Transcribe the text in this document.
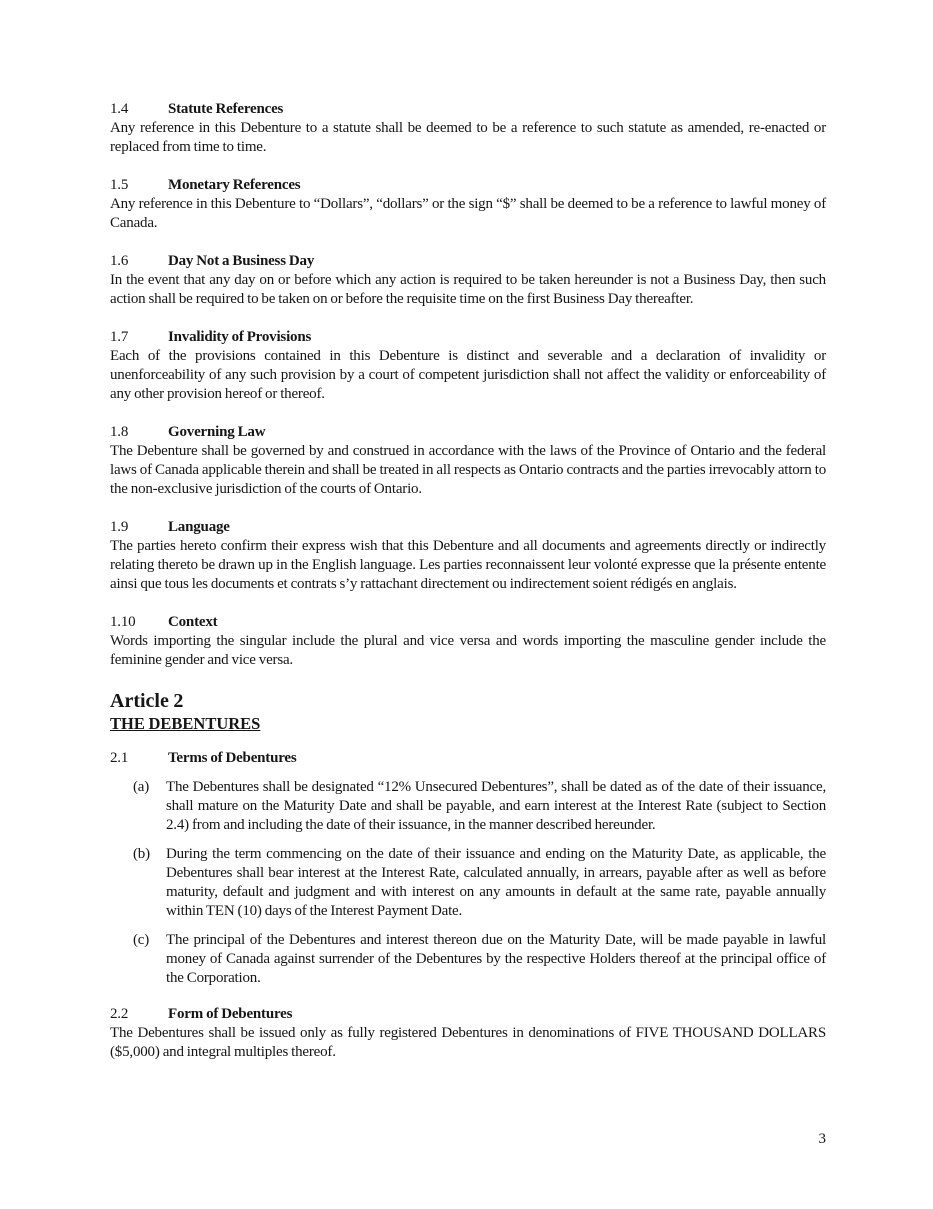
1.4	Statute References

Any reference in this Debenture to a statute shall be deemed to be a reference to such statute as amended, re-enacted or replaced from time to time.

1.5	Monetary References

Any reference in this Debenture to “Dollars”, “dollars” or the sign “$” shall be deemed to be a reference to lawful money of Canada.

1.6	Day Not a Business Day

In the event that any day on or before which any action is required to be taken hereunder is not a Business Day, then such action shall be required to be taken on or before the requisite time on the first Business Day thereafter.

1.7	Invalidity of Provisions

Each of the provisions contained in this Debenture is distinct and severable and a declaration of invalidity or unenforceability of any such provision by a court of competent jurisdiction shall not affect the validity or enforceability of any other provision hereof or thereof.

1.8	Governing Law

The Debenture shall be governed by and construed in accordance with the laws of the Province of Ontario and the federal laws of Canada applicable therein and shall be treated in all respects as Ontario contracts and the parties irrevocably attorn to the non-exclusive jurisdiction of the courts of Ontario.

1.9	Language

The parties hereto confirm their express wish that this Debenture and all documents and agreements directly or indirectly relating thereto be drawn up in the English language. Les parties reconnaissent leur volonté expresse que la présente entente ainsi que tous les documents et contrats s’y rattachant directement ou indirectement soient rédigés en anglais.

1.10	Context

Words importing the singular include the plural and vice versa and words importing the masculine gender include the feminine gender and vice versa.

Article 2
THE DEBENTURES
2.1	Terms of Debentures
(a)	The Debentures shall be designated “12% Unsecured Debentures”, shall be dated as of the date of their issuance, shall mature on the Maturity Date and shall be payable, and earn interest at the Interest Rate (subject to Section 2.4) from and including the date of their issuance, in the manner described hereunder.

(b)	During the term commencing on the date of their issuance and ending on the Maturity Date, as applicable, the Debentures shall bear interest at the Interest Rate, calculated annually, in arrears, payable after as well as before maturity, default and judgment and with interest on any amounts in default at the same rate, payable annually within TEN (10) days of the Interest Payment Date.

(c)	The principal of the Debentures and interest thereon due on the Maturity Date, will be made payable in lawful money of Canada against surrender of the Debentures by the respective Holders thereof at the principal office of the Corporation.

2.2	Form of Debentures

The Debentures shall be issued only as fully registered Debentures in denominations of FIVE THOUSAND DOLLARS ($5,000) and integral multiples thereof.

3
